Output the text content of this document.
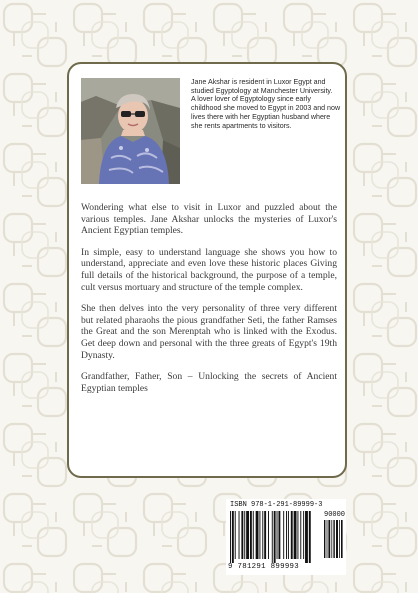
Jane Akshar is resident in Luxor Egypt and studied Egyptology at Manchester University.

A lover lover of Egyptology since early childhood she moved to Egypt in 2003 and now lives there with her Egyptian husband where she rents apartments to visitors.

Wondering what else to visit in Luxor and puzzled about the various temples. Jane Akshar unlocks the mysteries of Luxor's Ancient Egyptian temples.

In simple, easy to understand language she shows you how to understand, appreciate and even love these historic places Giving full details of the historical background, the purpose of a temple, cult versus mortuary and structure of the temple complex.

She then delves into the very personality of three very different but related pharaohs the pious grandfather Seti, the father Ramses the Great and the son Merenptah who is linked with the Exodus. Get deep down and personal with the three greats of Egypt's 19th Dynasty.

Grandfather, Father, Son – Unlocking the secrets of Ancient Egyptian temples

ISBN 978-1-291-89999-3
90000
9 781291 899993
